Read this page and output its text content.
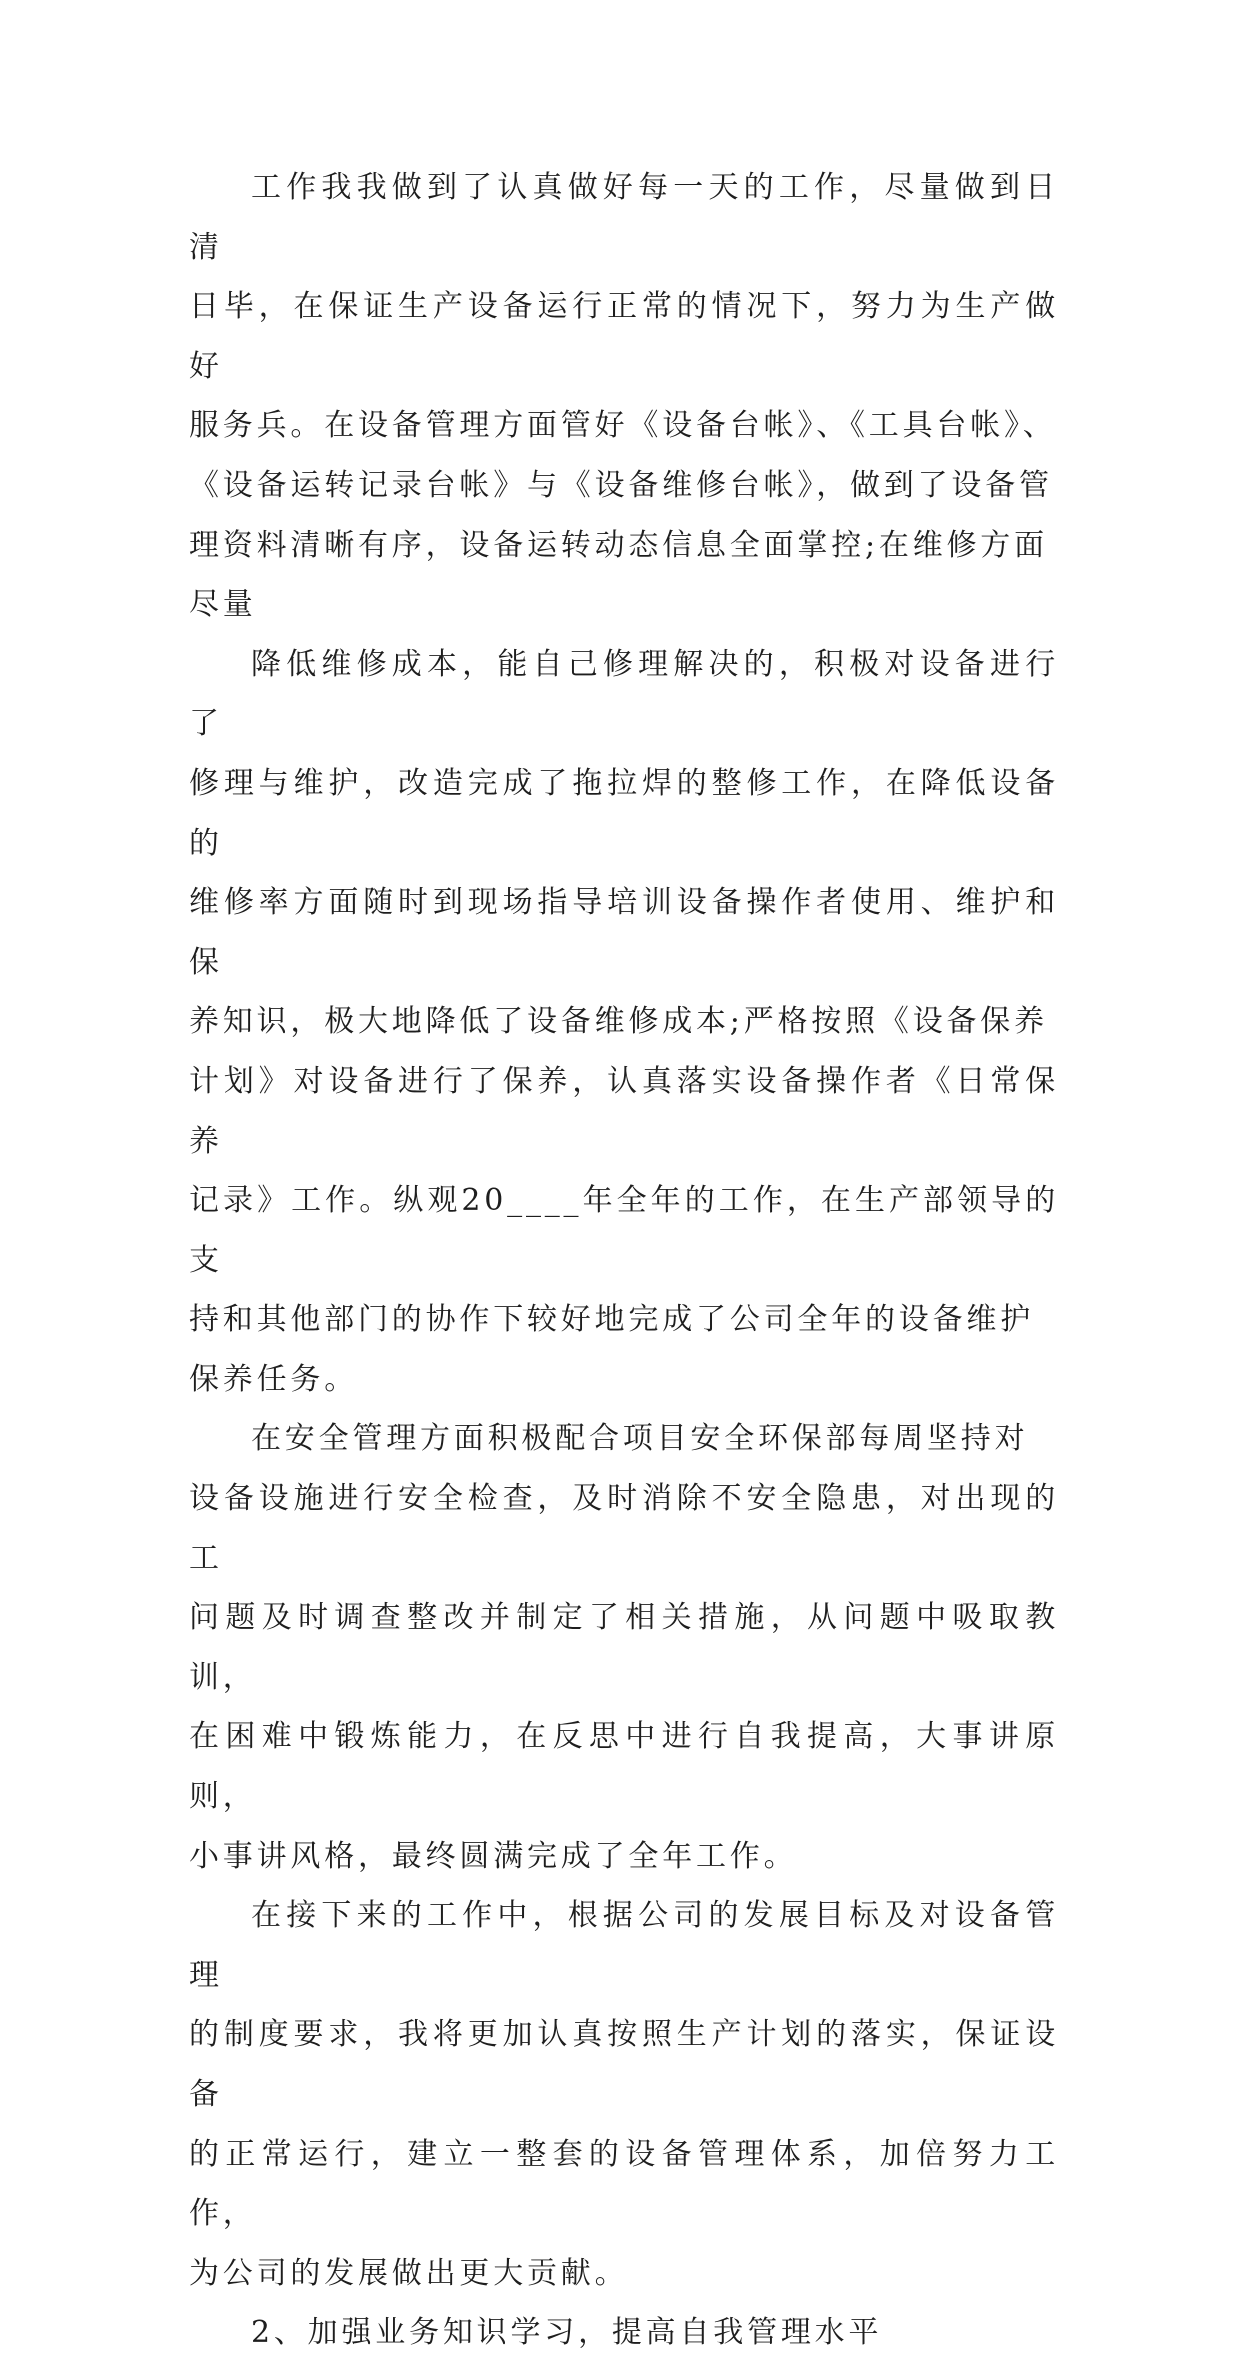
工作我我做到了认真做好每一天的工作，尽量做到日清
日毕，在保证生产设备运行正常的情况下，努力为生产做好
服务兵。在设备管理方面管好《设备台帐》、《工具台帐》、
《设备运转记录台帐》与《设备维修台帐》，做到了设备管
理资料清晰有序，设备运转动态信息全面掌控;在维修方面
尽量

降低维修成本，能自己修理解决的，积极对设备进行了
修理与维护，改造完成了拖拉焊的整修工作，在降低设备的
维修率方面随时到现场指导培训设备操作者使用、维护和保
养知识，极大地降低了设备维修成本;严格按照《设备保养
计划》对设备进行了保养，认真落实设备操作者《日常保养
记录》工作。纵观20____年全年的工作，在生产部领导的支
持和其他部门的协作下较好地完成了公司全年的设备维护
保养任务。

在安全管理方面积极配合项目安全环保部每周坚持对
设备设施进行安全检查，及时消除不安全隐患，对出现的工
问题及时调查整改并制定了相关措施，从问题中吸取教训，
在困难中锻炼能力，在反思中进行自我提高，大事讲原则，
小事讲风格，最终圆满完成了全年工作。

在接下来的工作中，根据公司的发展目标及对设备管理
的制度要求，我将更加认真按照生产计划的落实，保证设备
的正常运行，建立一整套的设备管理体系，加倍努力工作，
为公司的发展做出更大贡献。

2、加强业务知识学习，提高自我管理水平
